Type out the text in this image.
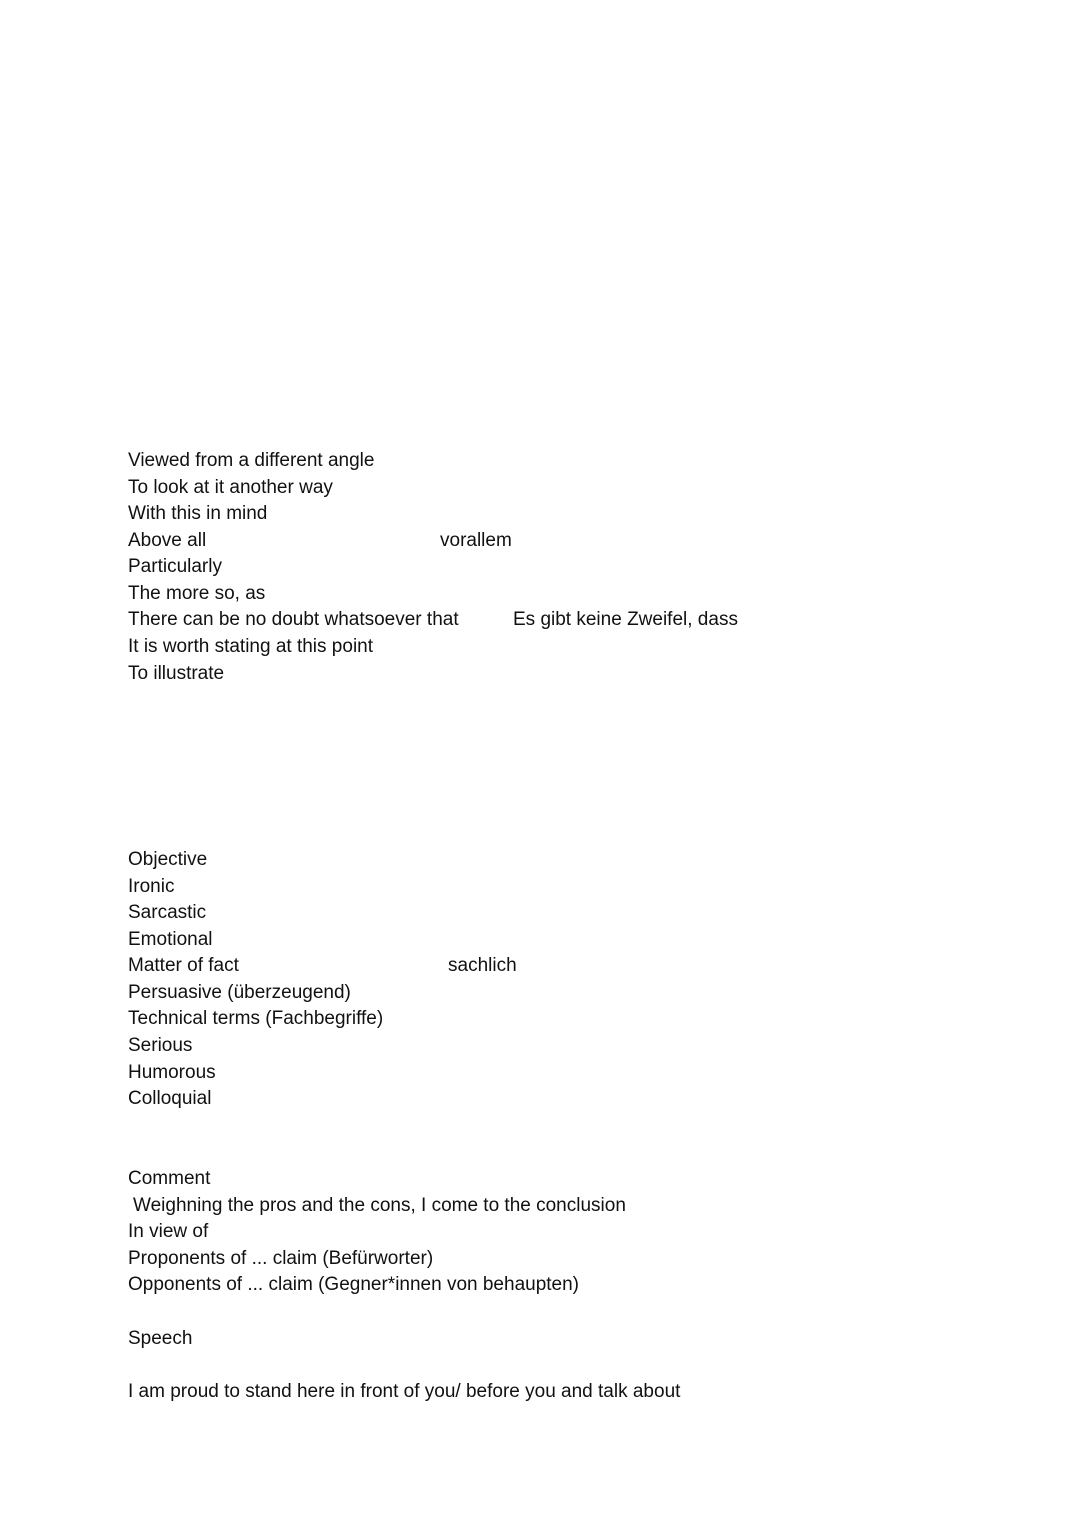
Viewed from a different angle
To look at it another way
With this in mind
Above all	vorallem
Particularly
The more so, as
There can be no doubt whatsoever that	Es gibt keine Zweifel, dass
It is worth stating at this point
To illustrate
Objective
Ironic
Sarcastic
Emotional
Matter of fact	sachlich
Persuasive (überzeugend)
Technical terms (Fachbegriffe)
Serious
Humorous
Colloquial
Comment
Weighning the pros and the cons, I come to the conclusion
In view of
Proponents of ... claim (Befürworter)
Opponents of ... claim (Gegner*innen von behaupten)
Speech
I am proud to stand here in front of you/ before you and talk about
